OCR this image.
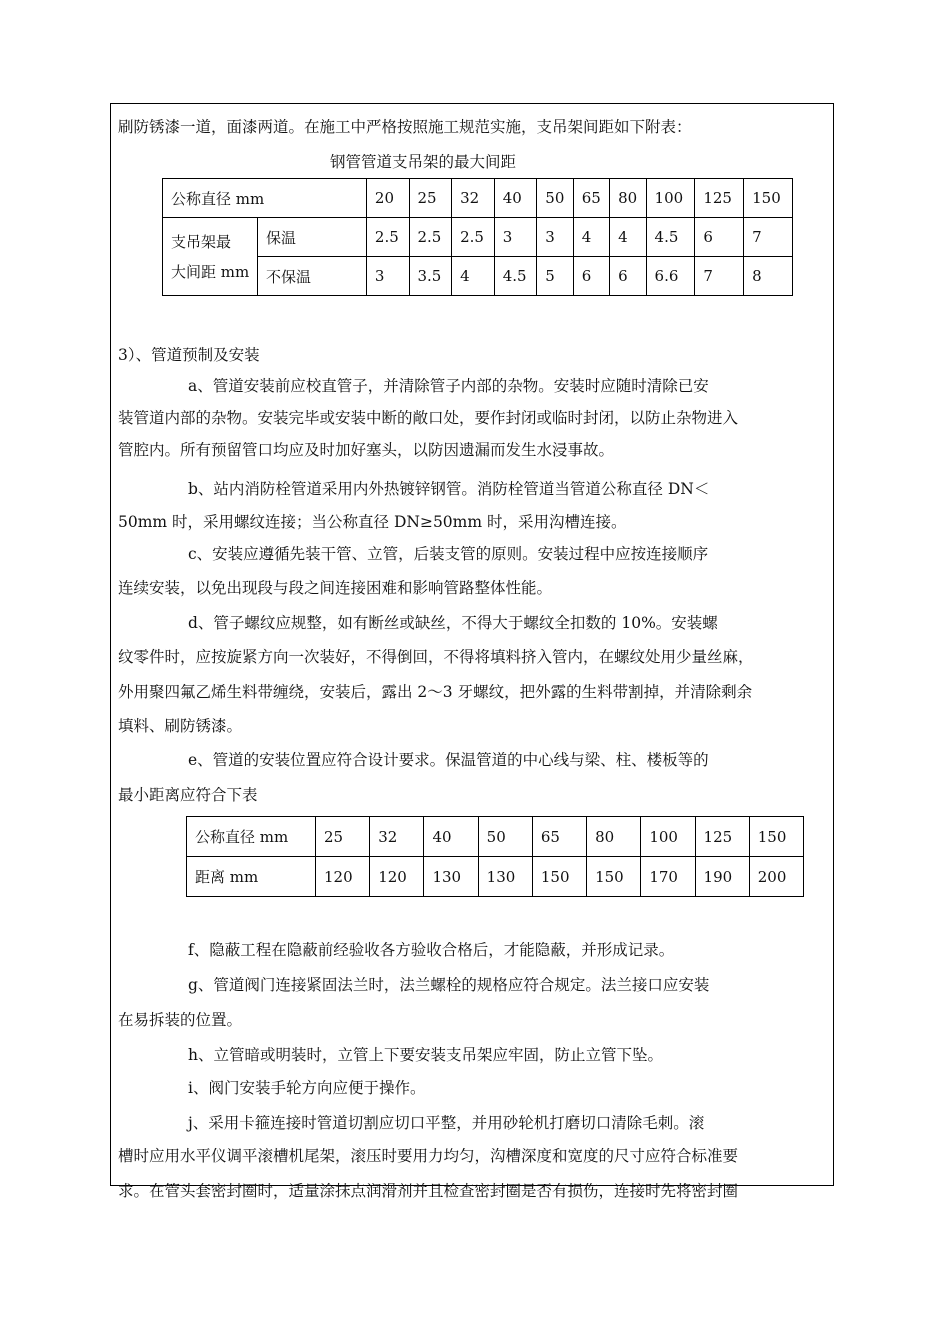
刷防锈漆一道，面漆两道。在施工中严格按照施工规范实施，支吊架间距如下附表：
钢管管道支吊架的最大间距
公称直径 mm		20	25	32	40	50	65	80	100	125	150
支吊架最
大间距 mm	保温	2.5	2.5	2.5	3	3	4	4	4.5	6	7
	不保温	3	3.5	4	4.5	5	6	6	6.6	7	8
3）、管道预制及安装
a、管道安装前应校直管子，并清除管子内部的杂物。安装时应随时清除已安
装管道内部的杂物。安装完毕或安装中断的敞口处，要作封闭或临时封闭，以防止杂物进入
管腔内。所有预留管口均应及时加好塞头，以防因遗漏而发生水浸事故。
b、站内消防栓管道采用内外热镀锌钢管。消防栓管道当管道公称直径 DN＜
50mm 时，采用螺纹连接；当公称直径 DN≥50mm 时，采用沟槽连接。
c、安装应遵循先装干管、立管，后装支管的原则。安装过程中应按连接顺序
连续安装，以免出现段与段之间连接困难和影响管路整体性能。
d、管子螺纹应规整，如有断丝或缺丝，不得大于螺纹全扣数的 10%。安装螺
纹零件时，应按旋紧方向一次装好，不得倒回，不得将填料挤入管内，在螺纹处用少量丝麻，
外用聚四氟乙烯生料带缠绕，安装后，露出 2～3 牙螺纹，把外露的生料带割掉，并清除剩余
填料、刷防锈漆。
e、管道的安装位置应符合设计要求。保温管道的中心线与梁、柱、楼板等的
最小距离应符合下表
公称直径 mm	25	32	40	50	65	80	100	125	150
距离 mm	120	120	130	130	150	150	170	190	200
f、隐蔽工程在隐蔽前经验收各方验收合格后，才能隐蔽，并形成记录。
g、管道阀门连接紧固法兰时，法兰螺栓的规格应符合规定。法兰接口应安装
在易拆装的位置。
h、立管暗或明装时，立管上下要安装支吊架应牢固，防止立管下坠。
i、阀门安装手轮方向应便于操作。
j、采用卡箍连接时管道切割应切口平整，并用砂轮机打磨切口清除毛刺。滚
槽时应用水平仪调平滚槽机尾架，滚压时要用力均匀，沟槽深度和宽度的尺寸应符合标准要
求。在管头套密封圈时，适量涂抹点润滑剂并且检查密封圈是否有损伤，连接时先将密封圈
